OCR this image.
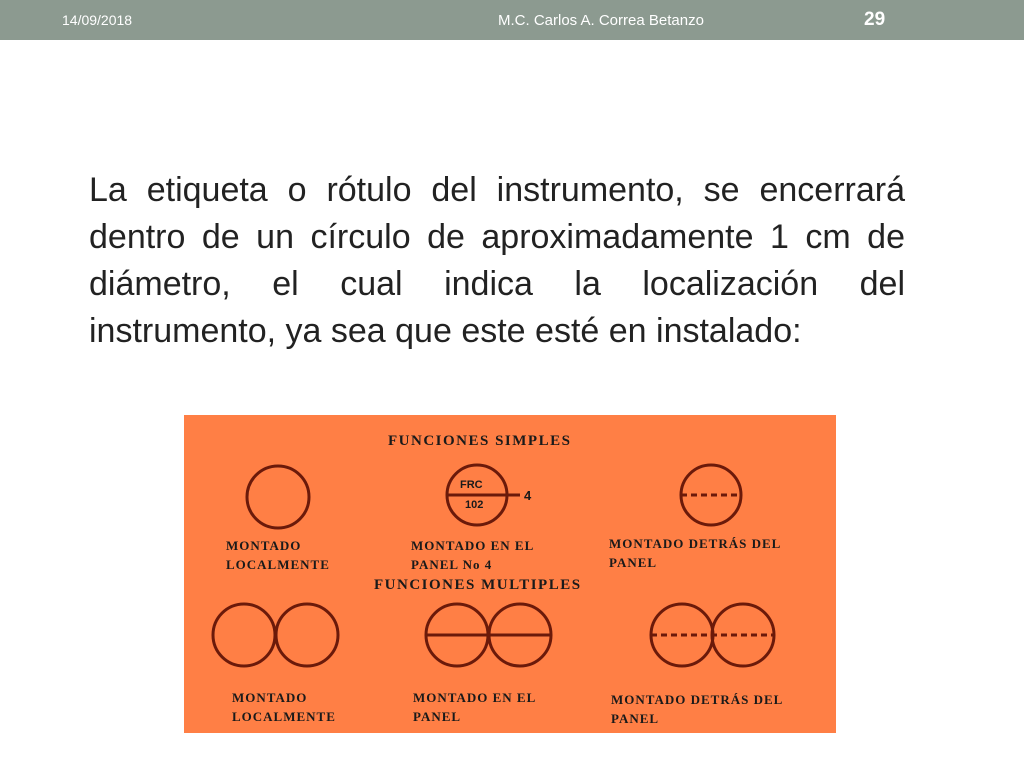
14/09/2018	M.C. Carlos A. Correa Betanzo	29
La etiqueta o rótulo del instrumento, se encerrará dentro de un círculo de aproximadamente 1 cm de diámetro, el cual indica la localización del instrumento, ya sea que este esté en instalado:
FUNCIONES SIMPLES
FUNCIONES MULTIPLES
FRC
102
4
MONTADO
LOCALMENTE
MONTADO EN EL
PANEL No 4
MONTADO DETRÁS DEL
PANEL
MONTADO
LOCALMENTE
MONTADO EN EL
PANEL
MONTADO DETRÁS DEL
PANEL
